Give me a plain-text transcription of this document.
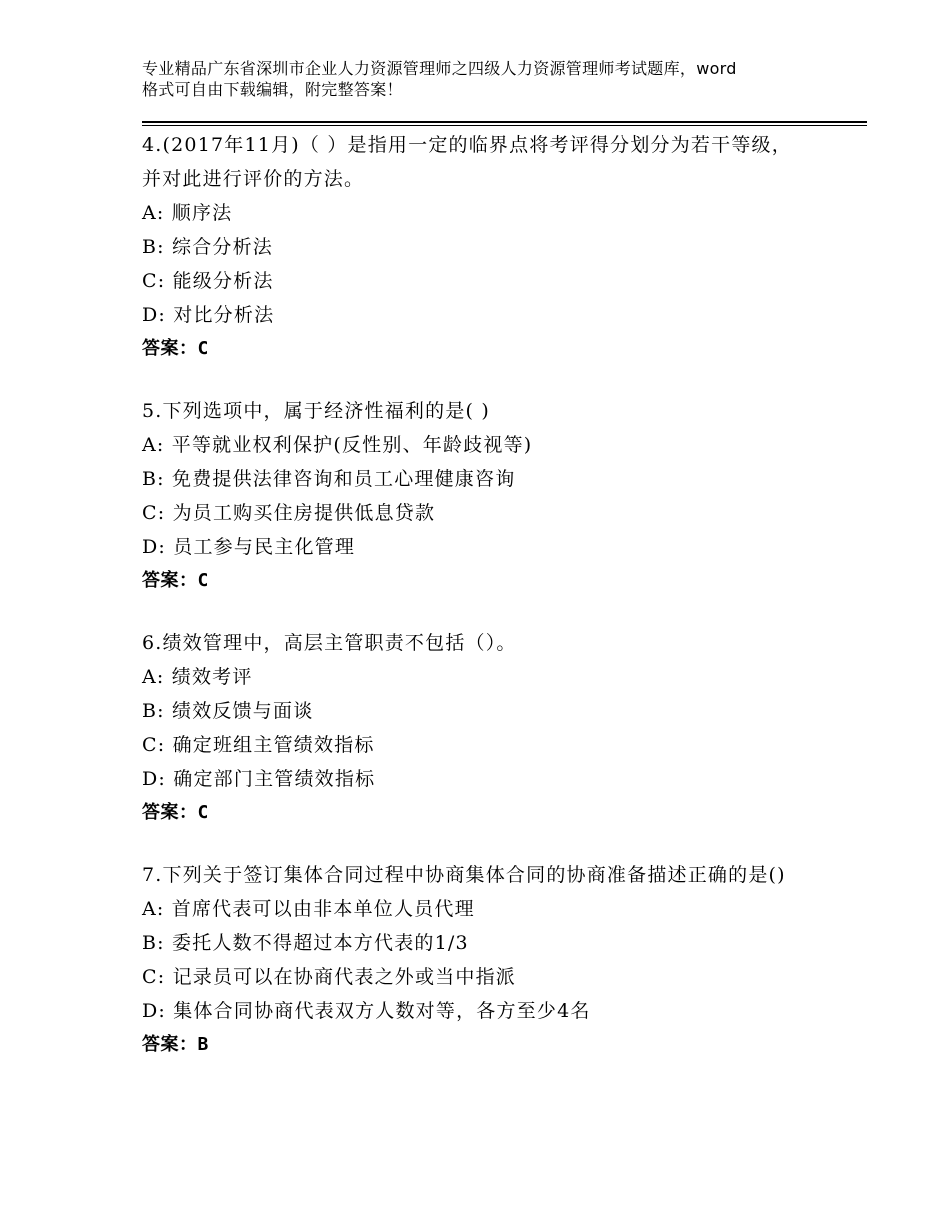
专业精品广东省深圳市企业人力资源管理师之四级人力资源管理师考试题库，word
格式可自由下载编辑，附完整答案！

4.(2017年11月)（ ）是指用一定的临界点将考评得分划分为若干等级，并对此进行评价的方法。

A: 顺序法

B: 综合分析法

C: 能级分析法

D: 对比分析法

答案：C

5.下列选项中，属于经济性福利的是( )

A: 平等就业权利保护(反性别、年龄歧视等)

B: 免费提供法律咨询和员工心理健康咨询

C: 为员工购买住房提供低息贷款

D: 员工参与民主化管理

答案：C

6.绩效管理中，高层主管职责不包括（）。

A: 绩效考评

B: 绩效反馈与面谈

C: 确定班组主管绩效指标

D: 确定部门主管绩效指标

答案：C

7.下列关于签订集体合同过程中协商集体合同的协商准备描述正确的是()

A: 首席代表可以由非本单位人员代理

B: 委托人数不得超过本方代表的1/3

C: 记录员可以在协商代表之外或当中指派

D: 集体合同协商代表双方人数对等，各方至少4名

答案：B
